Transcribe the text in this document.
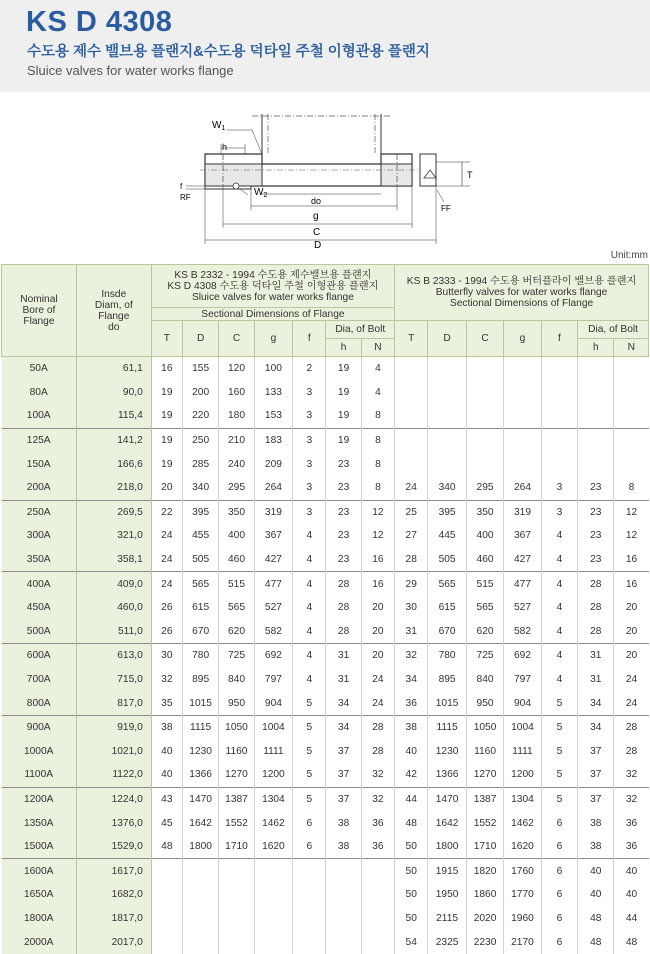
KS D 4308
수도용 제수 밸브용 플랜지&수도용 덕타일 주철 이형관용 플랜지
Sluice valves for water works flange
$W_1$
h
f
RF	$W_2$
do
g
C
D
T
FF
Unit:mm
Nominal
Bore of
Flange	Insde
Diam, of
Flange
do	KS B 2332 - 1994 수도용 제수밸브용 플랜지
KS D 4308 수도용 덕타일 주철 이형관용 플랜지
Sluice valves for water works flange							KS B 2333 - 1994 수도용 버터플라이 밸브용 플랜지
Butterfly valves for water works flange
Sectional Dimensions of Flange						
		Sectional Dimensions of Flange													
		T	D	C	g	f	Dia, of Bolt		T	D	C	g	f	Dia, of Bolt	
							h	N						h	N
50A	61,1	16	155	120	100	2	19	4							
80A	90,0	19	200	160	133	3	19	4							
100A	115,4	19	220	180	153	3	19	8							
125A	141,2	19	250	210	183	3	19	8							
150A	166,6	19	285	240	209	3	23	8							
200A	218,0	20	340	295	264	3	23	8	24	340	295	264	3	23	8
250A	269,5	22	395	350	319	3	23	12	25	395	350	319	3	23	12
300A	321,0	24	455	400	367	4	23	12	27	445	400	367	4	23	12
350A	358,1	24	505	460	427	4	23	16	28	505	460	427	4	23	16
400A	409,0	24	565	515	477	4	28	16	29	565	515	477	4	28	16
450A	460,0	26	615	565	527	4	28	20	30	615	565	527	4	28	20
500A	511,0	26	670	620	582	4	28	20	31	670	620	582	4	28	20
600A	613,0	30	780	725	692	4	31	20	32	780	725	692	4	31	20
700A	715,0	32	895	840	797	4	31	24	34	895	840	797	4	31	24
800A	817,0	35	1015	950	904	5	34	24	36	1015	950	904	5	34	24
900A	919,0	38	1115	1050	1004	5	34	28	38	1115	1050	1004	5	34	28
1000A	1021,0	40	1230	1160	1111	5	37	28	40	1230	1160	1111	5	37	28
1100A	1122,0	40	1366	1270	1200	5	37	32	42	1366	1270	1200	5	37	32
1200A	1224,0	43	1470	1387	1304	5	37	32	44	1470	1387	1304	5	37	32
1350A	1376,0	45	1642	1552	1462	6	38	36	48	1642	1552	1462	6	38	36
1500A	1529,0	48	1800	1710	1620	6	38	36	50	1800	1710	1620	6	38	36
1600A	1617,0								50	1915	1820	1760	6	40	40
1650A	1682,0								50	1950	1860	1770	6	40	40
1800A	1817,0								50	2115	2020	1960	6	48	44
2000A	2017,0								54	2325	2230	2170	6	48	48
